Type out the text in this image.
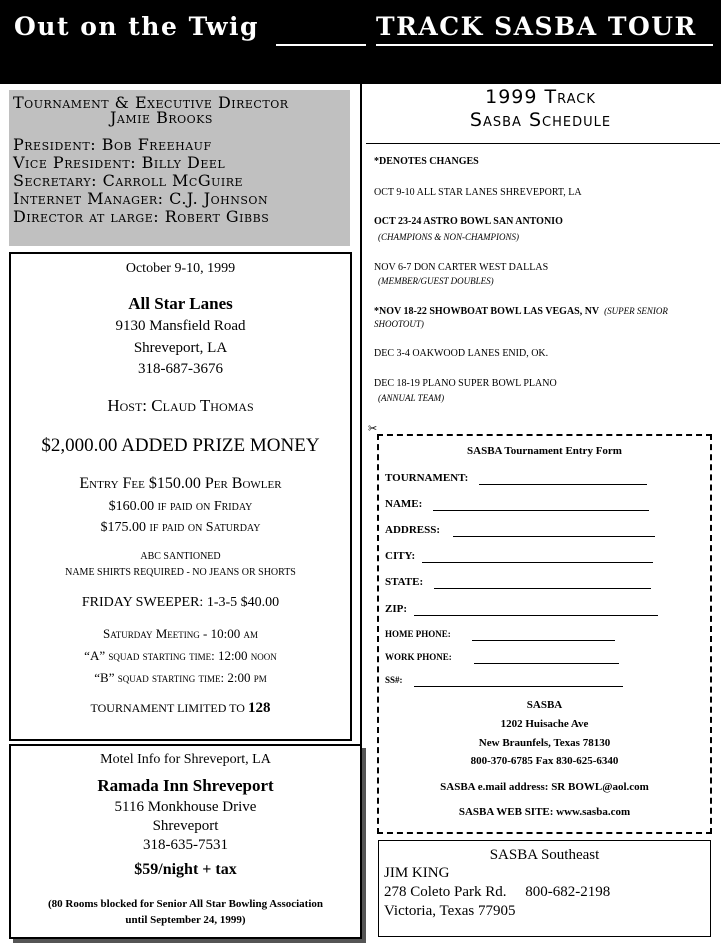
Out on the Twig	TRACK SASBA TOUR
Tournament & Executive Director
Jamie Brooks
President: Bob Freehauf
Vice President: Billy Deel
Secretary: Carroll McGuire
Internet Manager: C.J. Johnson
Director at large: Robert Gibbs
October 9-10, 1999
All Star Lanes
9130 Mansfield Road
Shreveport, LA
318-687-3676
Host: Claud Thomas
$2,000.00 ADDED PRIZE MONEY
Entry Fee $150.00 Per Bowler
$160.00 if paid on Friday
$175.00 if paid on Saturday
ABC SANTIONED
NAME SHIRTS REQUIRED - NO JEANS OR SHORTS
FRIDAY SWEEPER: 1-3-5 $40.00
Saturday Meeting - 10:00 am
“A” squad starting time: 12:00 noon
“B” squad starting time: 2:00 pm
TOURNAMENT LIMITED TO 128
Motel Info for Shreveport, LA
Ramada Inn Shreveport
5116 Monkhouse Drive
Shreveport
318-635-7531
$59/night + tax
(80 Rooms blocked for Senior All Star Bowling Association
until September 24, 1999)
1999 Track
Sasba Schedule
*DENOTES CHANGES
OCT 9-10 ALL STAR LANES SHREVEPORT, LA
OCT 23-24 ASTRO BOWL SAN ANTONIO
(CHAMPIONS & NON-CHAMPIONS)
NOV 6-7 DON CARTER WEST DALLAS
(MEMBER/GUEST DOUBLES)
*NOV 18-22 SHOWBOAT BOWL LAS VEGAS, NV (SUPER SENIOR
SHOOTOUT)
DEC 3-4 OAKWOOD LANES ENID, OK.
DEC 18-19 PLANO SUPER BOWL PLANO
(ANNUAL TEAM)
✂
SASBA Tournament Entry Form
TOURNAMENT:
NAME:
ADDRESS:
CITY:
STATE:
ZIP:
HOME PHONE:
WORK PHONE:
SS#:
SASBA
1202 Huisache Ave
New Braunfels, Texas 78130
800-370-6785 Fax 830-625-6340
SASBA e.mail address: SR BOWL@aol.com
SASBA WEB SITE: www.sasba.com
SASBA Southeast
JIM KING
278 Coleto Park Rd.     800-682-2198
Victoria, Texas 77905
